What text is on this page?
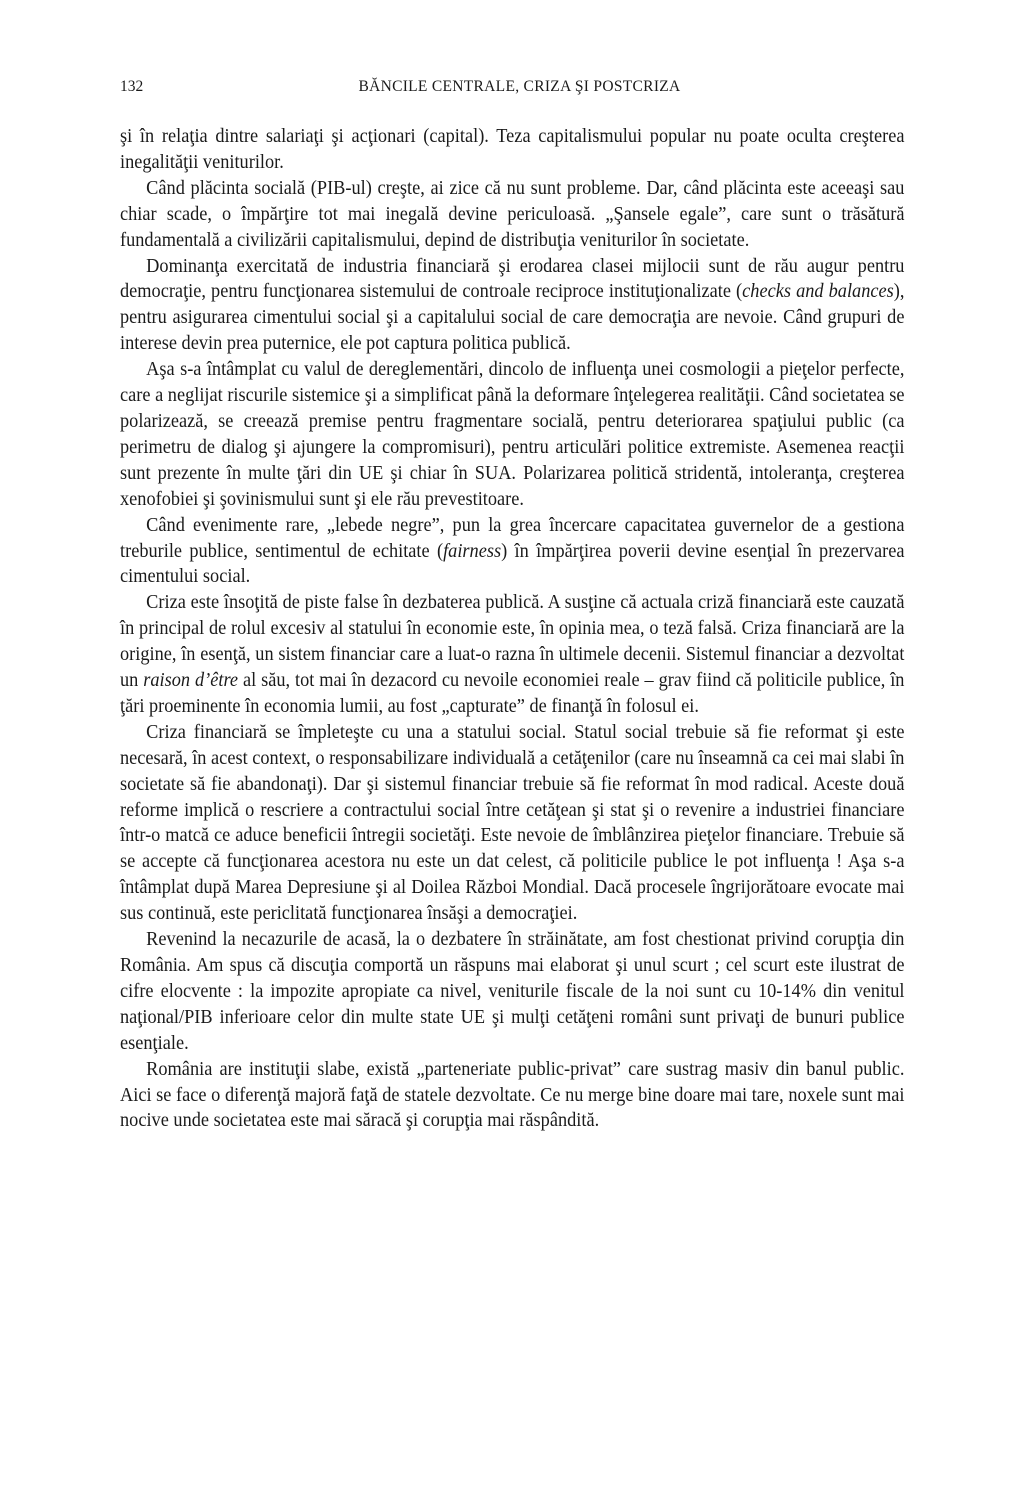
132	BĂNCILE CENTRALE, CRIZA ŞI POSTCRIZA

şi în relaţia dintre salariaţi şi acţionari (capital). Teza capitalismului popular nu poate oculta creşterea inegalităţii veniturilor.

Când plăcinta socială (PIB-ul) creşte, ai zice că nu sunt probleme. Dar, când plăcinta este aceeaşi sau chiar scade, o împărţire tot mai inegală devine periculoasă. „Şansele egale”, care sunt o trăsătură fundamentală a civilizării capitalismului, depind de distribuţia veniturilor în societate.

Dominanţa exercitată de industria financiară şi erodarea clasei mijlocii sunt de rău augur pentru democraţie, pentru funcţionarea sistemului de controale reciproce instituţionalizate (checks and balances), pentru asigurarea cimentului social şi a capitalului social de care democraţia are nevoie. Când grupuri de interese devin prea puternice, ele pot captura politica publică.

Aşa s-a întâmplat cu valul de dereglementări, dincolo de influenţa unei cosmologii a pieţelor perfecte, care a neglijat riscurile sistemice şi a simplificat până la deformare înţelegerea realităţii. Când societatea se polarizează, se creează premise pentru fragmentare socială, pentru deteriorarea spaţiului public (ca perimetru de dialog şi ajungere la compromisuri), pentru articulări politice extremiste. Asemenea reacţii sunt prezente în multe ţări din UE şi chiar în SUA. Polarizarea politică stridentă, intoleranţa, creşterea xenofobiei şi şovinismului sunt şi ele rău prevestitoare.

Când evenimente rare, „lebede negre”, pun la grea încercare capacitatea guvernelor de a gestiona treburile publice, sentimentul de echitate (fairness) în împărţirea poverii devine esenţial în prezervarea cimentului social.

Criza este însoţită de piste false în dezbaterea publică. A susţine că actuala criză financiară este cauzată în principal de rolul excesiv al statului în economie este, în opinia mea, o teză falsă. Criza financiară are la origine, în esenţă, un sistem financiar care a luat-o razna în ultimele decenii. Sistemul financiar a dezvoltat un raison d’être al său, tot mai în dezacord cu nevoile economiei reale – grav fiind că politicile publice, în ţări proeminente în economia lumii, au fost „capturate” de finanţă în folosul ei.

Criza financiară se împleteşte cu una a statului social. Statul social trebuie să fie reformat şi este necesară, în acest context, o responsabilizare individuală a cetăţenilor (care nu înseamnă ca cei mai slabi în societate să fie abandonaţi). Dar şi sistemul financiar trebuie să fie reformat în mod radical. Aceste două reforme implică o rescriere a contractului social între cetăţean şi stat şi o revenire a industriei financiare într-o matcă ce aduce beneficii întregii societăţi. Este nevoie de îmblânzirea pieţelor financiare. Trebuie să se accepte că funcţionarea acestora nu este un dat celest, că politicile publice le pot influenţa ! Aşa s-a întâmplat după Marea Depresiune şi al Doilea Război Mondial. Dacă procesele îngrijorătoare evocate mai sus continuă, este periclitată funcţionarea însăşi a democraţiei.

Revenind la necazurile de acasă, la o dezbatere în străinătate, am fost chestionat privind corupţia din România. Am spus că discuţia comportă un răspuns mai elaborat şi unul scurt ; cel scurt este ilustrat de cifre elocvente : la impozite apropiate ca nivel, veniturile fiscale de la noi sunt cu 10-14% din venitul naţional/PIB inferioare celor din multe state UE şi mulţi cetăţeni români sunt privaţi de bunuri publice esenţiale.

România are instituţii slabe, există „parteneriate public-privat” care sustrag masiv din banul public. Aici se face o diferenţă majoră faţă de statele dezvoltate. Ce nu merge bine doare mai tare, noxele sunt mai nocive unde societatea este mai săracă şi corupţia mai răspândită.
